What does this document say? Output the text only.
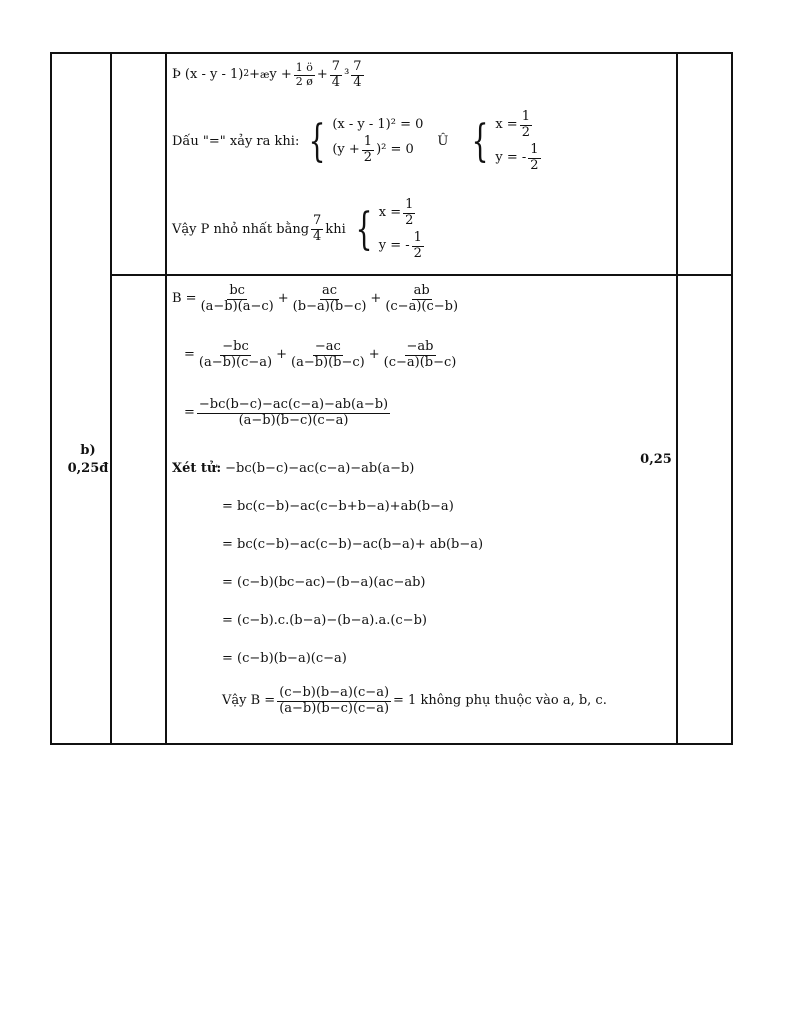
Þ (x - y - 1) 2 + æ $y + \frac{1 ö}{2 ø} + \frac{7}{4} ^3 \frac{7}{4}$
Dấu "=" xảy ra khi: { (x - y - 1)² = 0
$(y + \frac{1}{2} )^2 = 0$
Û { $x = \frac{1}{2}$
y = - $\frac{1}{2}$
Vậy P nhỏ nhất bằng $\frac{7}{4}$ khi { $x = \frac{1}{2}$
y = - $\frac{1}{2}$
b)
0,25đ
0,25
$B = \frac{bc}{(a-b)(a-c)} + \frac{ac}{(b-a)(b-c)} + \frac{ab}{(c-a)(c-b)}$
= $\frac{-bc}{(a-b)(c-a)} + \frac{-ac}{(a-b)(b-c)} + \frac{-ab}{(c-a)(b-c)}$
= $\frac{-bc(b-c)-ac(c-a)-ab(a-b)}{(a-b)(b-c)(c-a)}$
Xét tử: −bc(b−c)−ac(c−a)−ab(a−b)
= bc(c−b)−ac(c−b+b−a)+ab(b−a)
= bc(c−b)−ac(c−b)−ac(b−a)+ ab(b−a)
= (c−b)(bc−ac)−(b−a)(ac−ab)
= (c−b).c.(b−a)−(b−a).a.(c−b)
= (c−b)(b−a)(c−a)
Vậy $B = \frac{(c-b)(b-a)(c-a)}{(a-b)(b-c)(c-a)} = 1$ không phụ thuộc vào a, b, c.
